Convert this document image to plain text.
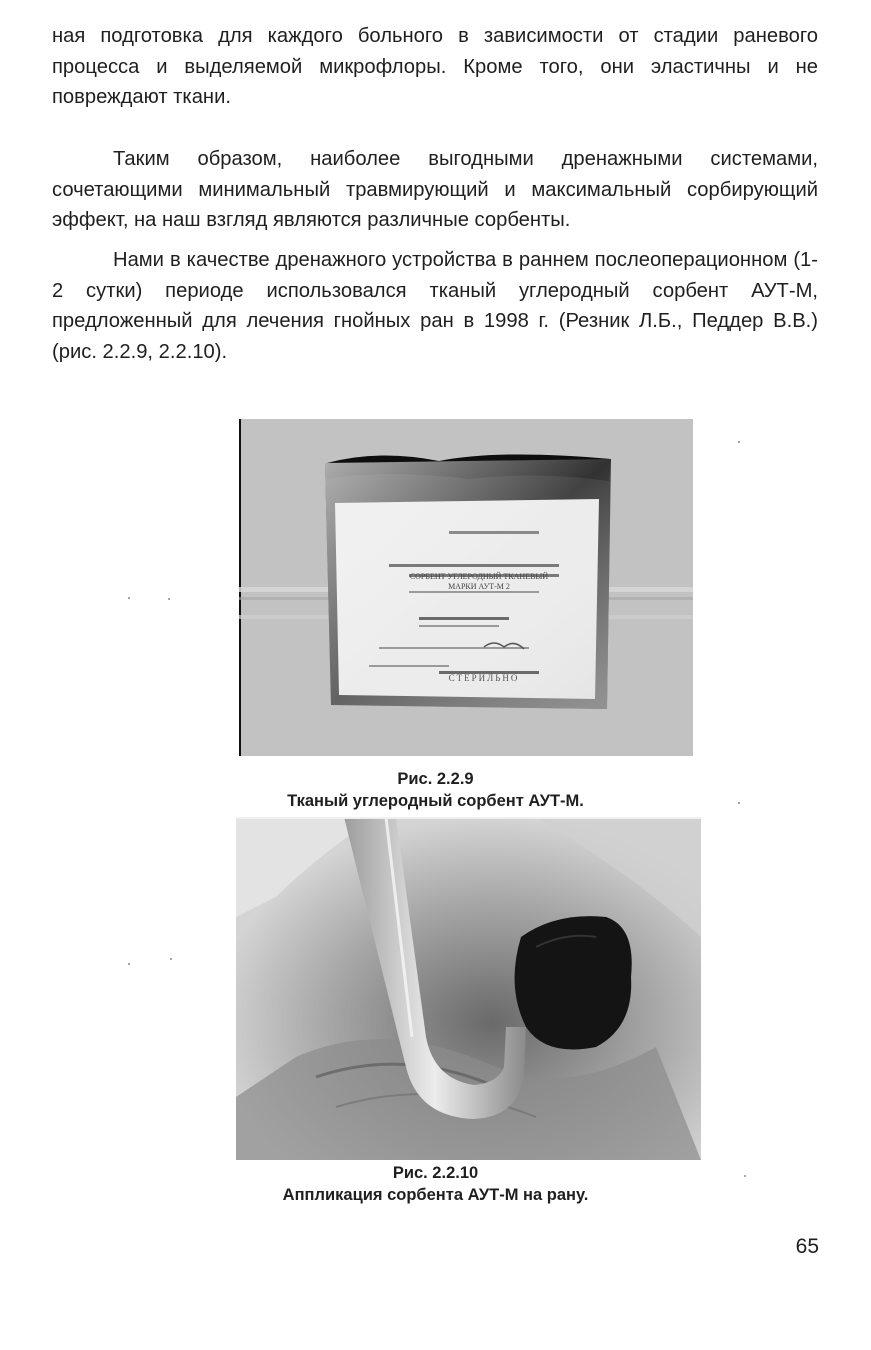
ная подготовка для каждого больного в зависимости от стадии раневого процесса и выделяемой микрофлоры. Кроме того, они эластичны и не повреждают ткани.

Таким образом, наиболее выгодными дренажными системами, сочетающими минимальный травмирующий и максимальный сорбирующий эффект, на наш взгляд являются различные сорбенты.

Нами в качестве дренажного устройства в раннем послеоперационном (1-2 сутки) периоде использовался тканый углеродный сорбент АУТ-М, предложенный для лечения гнойных ран в 1998 г. (Резник Л.Б., Педдер В.В.) (рис. 2.2.9, 2.2.10).

СОРБЕНТ УГЛЕРОДНЫЙ ТКАНЕВЫЙ
МАРКИ АУТ-М 2
СТЕРИЛЬНО
Рис. 2.2.9
Тканый углеродный сорбент АУТ-М.
Рис. 2.2.10
Аппликация сорбента АУТ-М на рану.
65
